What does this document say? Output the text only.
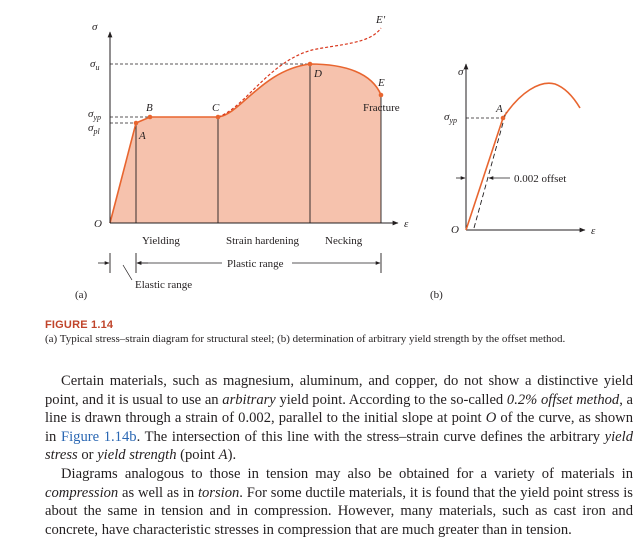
σ
ε
O
$\sigma_u$
$\sigma_{yp}$
$\sigma_{pl}$	A
B	C
D
E
E′
Fracture
Yielding	Strain hardening Necking
Plastic range
Elastic range
(a)
0.002 offset
σ
ε
O
$\sigma_{yp}$
A
(b)
FIGURE 1.14
(a) Typical stress–strain diagram for structural steel; (b) determination of arbitrary yield strength by the offset method.

Certain materials, such as magnesium, aluminum, and copper, do not show a distinctive yield point, and it is usual to use an arbitrary yield point. According to the so-called 0.2% offset method, a line is drawn through a strain of 0.002, parallel to the initial slope at point O of the curve, as shown in Figure 1.14b. The intersection of this line with the stress–strain curve defines the arbitrary yield stress or yield strength (point A).

Diagrams analogous to those in tension may also be obtained for a variety of materials in compression as well as in torsion. For some ductile materials, it is found that the yield point stress is about the same in tension and in compression. However, many materials, such as cast iron and concrete, have characteristic stresses in compression that are much greater than in tension.
